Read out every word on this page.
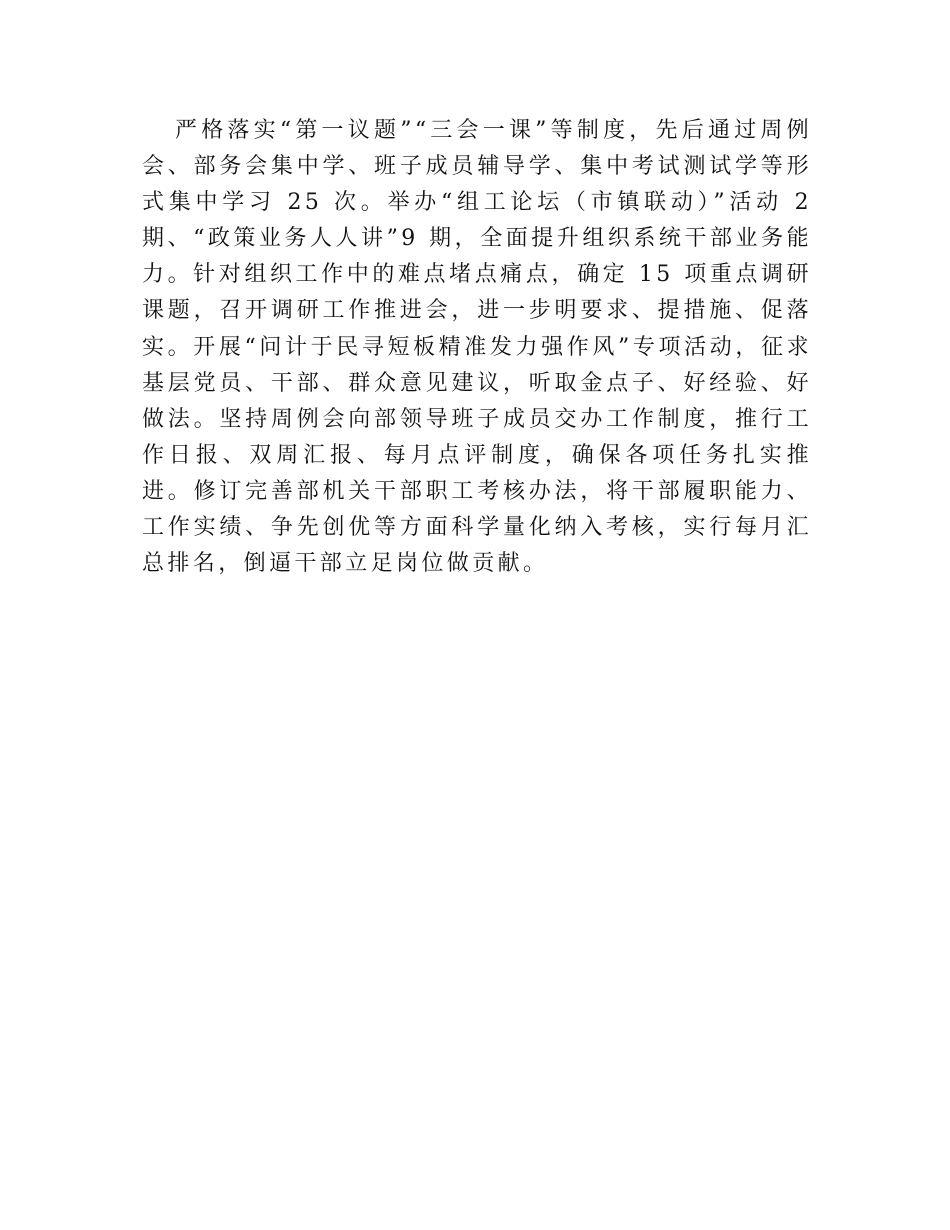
严格落实“第一议题”“三会一课”等制度，先后通过周例会、部务会集中学、班子成员辅导学、集中考试测试学等形式集中学习 25 次。举办“组工论坛（市镇联动）”活动 2 期、“政策业务人人讲”9 期，全面提升组织系统干部业务能力。针对组织工作中的难点堵点痛点，确定 15 项重点调研课题，召开调研工作推进会，进一步明要求、提措施、促落实。开展“问计于民寻短板精准发力强作风”专项活动，征求基层党员、干部、群众意见建议，听取金点子、好经验、好做法。坚持周例会向部领导班子成员交办工作制度，推行工作日报、双周汇报、每月点评制度，确保各项任务扎实推进。修订完善部机关干部职工考核办法，将干部履职能力、工作实绩、争先创优等方面科学量化纳入考核，实行每月汇总排名，倒逼干部立足岗位做贡献。
